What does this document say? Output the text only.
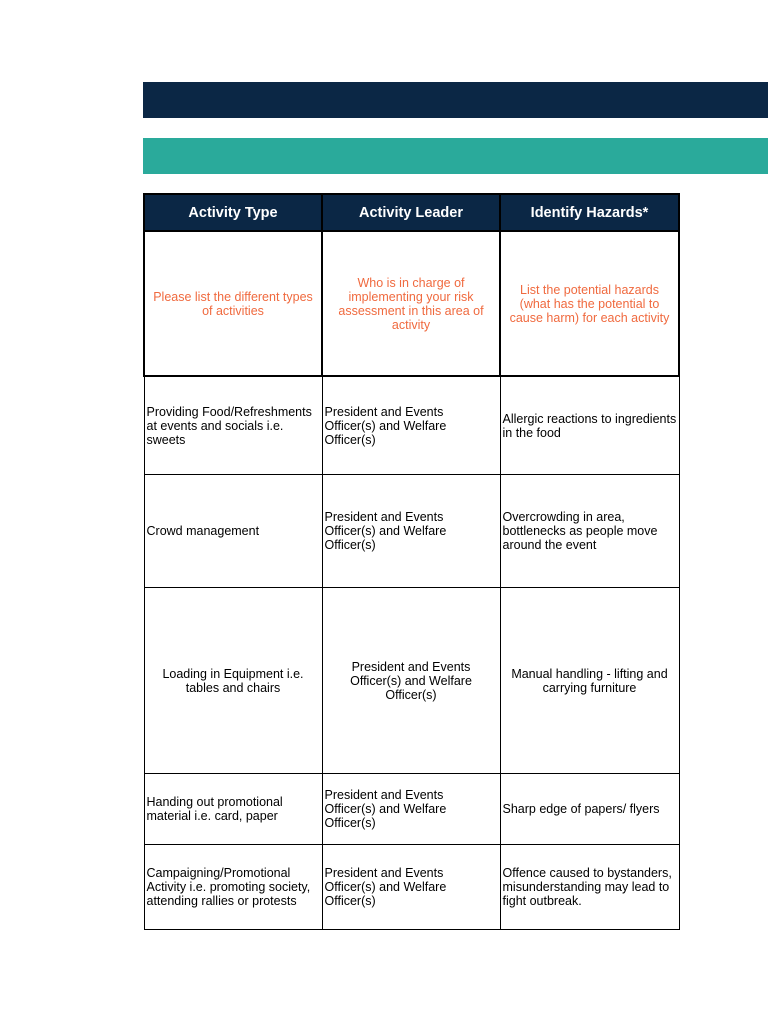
Activity Type	Activity Leader	Identify Hazards*
Please list the different types of activities	Who is in charge of implementing your risk assessment in this area of activity	List the potential hazards (what has the potential to cause harm) for each activity
Providing Food/Refreshments at events and socials i.e. sweets	President and Events Officer(s) and Welfare Officer(s)	Allergic reactions to ingredients in the food
Crowd management	President and Events Officer(s) and Welfare Officer(s)	Overcrowding in area, bottlenecks as people move around the event
Loading in Equipment i.e. tables and chairs	President and Events Officer(s) and Welfare Officer(s)	Manual handling - lifting and carrying furniture
Handing out promotional material i.e. card, paper	President and Events Officer(s) and Welfare Officer(s)	Sharp edge of papers/ flyers
Campaigning/Promotional Activity i.e. promoting society, attending rallies or protests	President and Events Officer(s) and Welfare Officer(s)	Offence caused to bystanders, misunderstanding may lead to fight outbreak.
